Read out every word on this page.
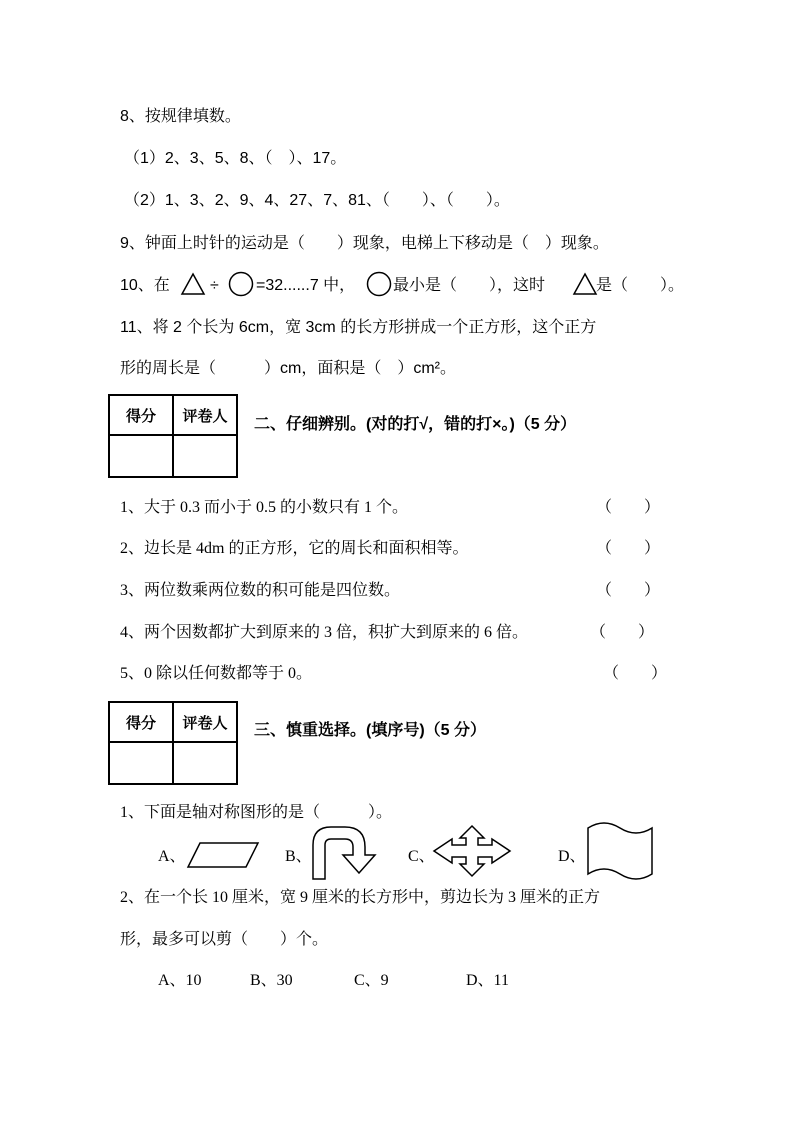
8、按规律填数。
（1）2、3、5、8、（　）、17。
（2）1、3、2、9、4、27、7、81、（　　）、（　　）。
9、钟面上时针的运动是（　　）现象，电梯上下移动是（　）现象。
10、在	÷ =32......7 中， 最小是（　　），这时	是（　　）。
11、将 2 个长为 6cm，宽 3cm 的长方形拼成一个正方形，这个正方
形的周长是（　　　）cm，面积是（　）cm²。
得分	评卷人
	二、仔细辨别。(对的打√，错的打×。)（5 分）
1、大于 0.3 而小于 0.5 的小数只有 1 个。	（　　）
2、边长是 4dm 的正方形，它的周长和面积相等。	（　　）
3、两位数乘两位数的积可能是四位数。	（　　）
4、两个因数都扩大到原来的 3 倍，积扩大到原来的 6 倍。	（　　）
5、0 除以任何数都等于 0。	（　　）
得分	评卷人
	三、慎重选择。(填序号)（5 分）
1、下面是轴对称图形的是（　　　）。
A、	B、	C、	D、
2、在一个长 10 厘米，宽 9 厘米的长方形中，剪边长为 3 厘米的正方
形，最多可以剪（　　）个。
A、10	B、30	C、9	D、11
